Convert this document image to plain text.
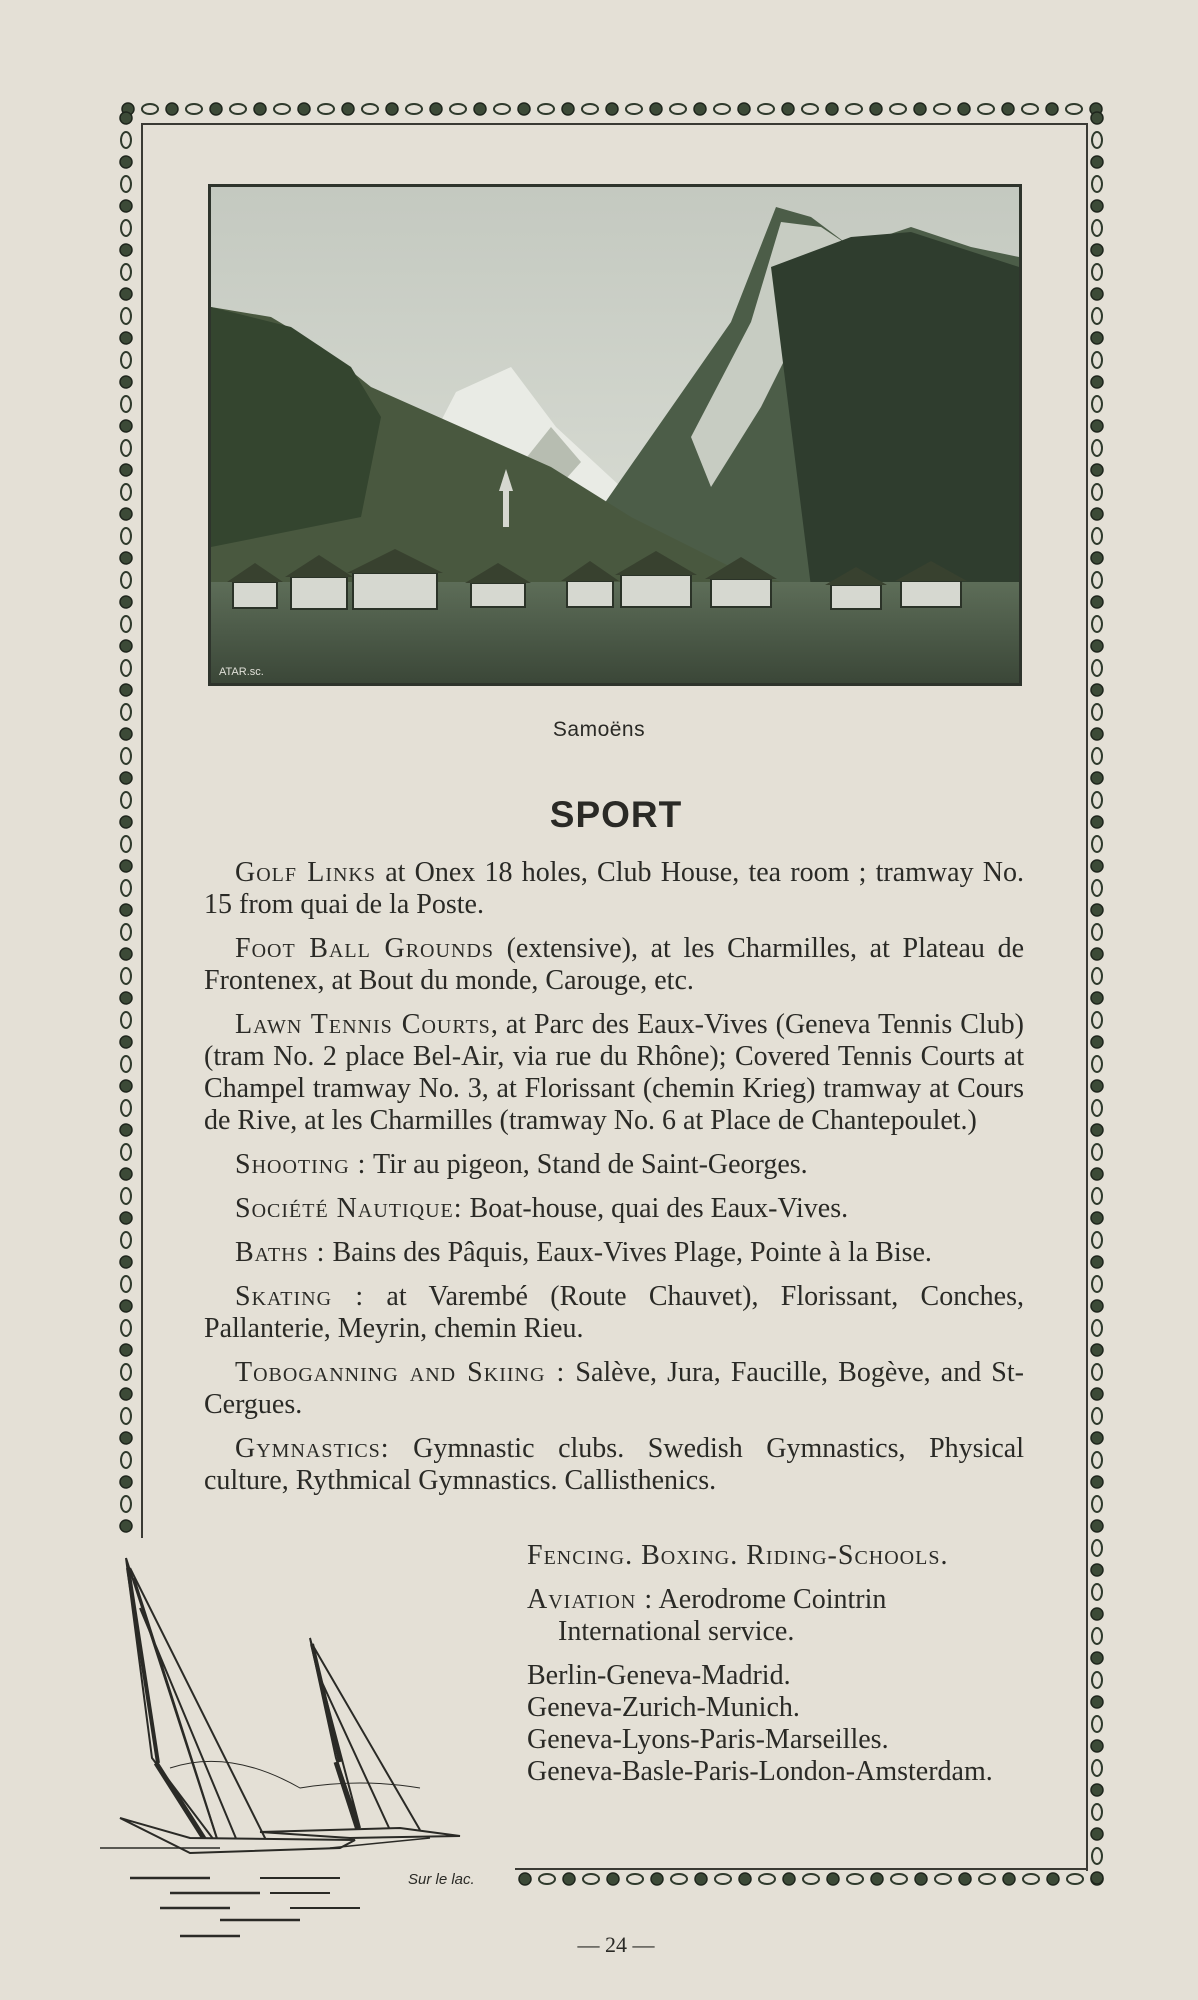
ATAR.sc.
Samoëns
SPORT

Golf Links at Onex 18 holes, Club House, tea room ; tramway No. 15 from quai de la Poste.

Foot Ball Grounds (extensive), at les Charmilles, at Plateau de Frontenex, at Bout du monde, Carouge, etc.

Lawn Tennis Courts, at Parc des Eaux-Vives (Geneva Tennis Club) (tram No. 2 place Bel-Air, via rue du Rhône); Covered Tennis Courts at Champel tramway No. 3, at Florissant (chemin Krieg) tramway at Cours de Rive, at les Charmilles (tramway No. 6 at Place de Chantepoulet.)

Shooting : Tir au pigeon, Stand de Saint-Georges.

Société Nautique: Boat-house, quai des Eaux-Vives.

Baths : Bains des Pâquis, Eaux-Vives Plage, Pointe à la Bise.

Skating : at Varembé (Route Chauvet), Florissant, Conches, Pallanterie, Meyrin, chemin Rieu.

Toboganning and Skiing : Salève, Jura, Faucille, Bogève, and St-Cergues.

Gymnastics: Gymnastic clubs. Swedish Gymnastics, Physical culture, Rythmical Gymnastics. Callisthenics.

Fencing. Boxing. Riding-Schools.

Aviation : Aerodrome Cointrin International service.

Berlin-Geneva-Madrid.
Geneva-Zurich-Munich.
Geneva-Lyons-Paris-Marseilles.
Geneva-Basle-Paris-London-Amsterdam.

Sur le lac.
— 24 —
